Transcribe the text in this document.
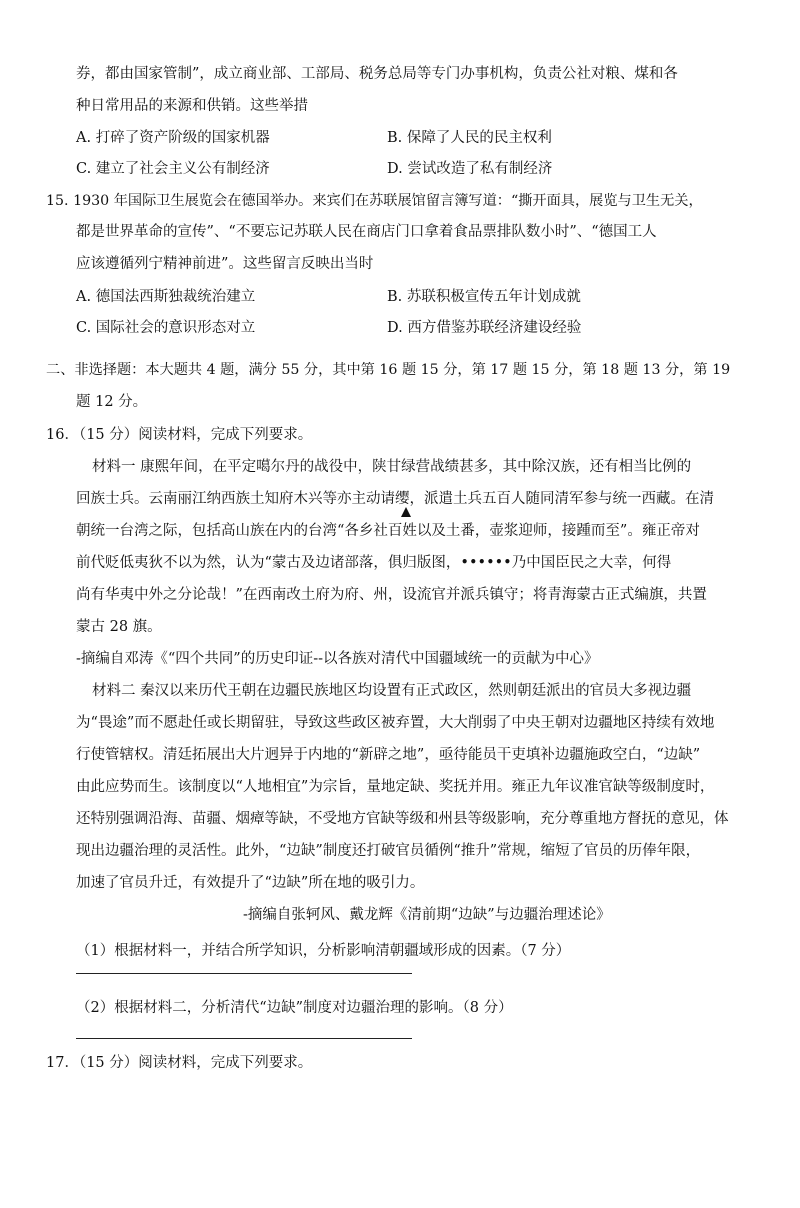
券，都由国家管制”，成立商业部、工部局、税务总局等专门办事机构，负责公社对粮、煤和各
种日常用品的来源和供销。这些举措
A. 打碎了资产阶级的国家机器	B. 保障了人民的民主权利
C. 建立了社会主义公有制经济	D. 尝试改造了私有制经济
15. 1930 年国际卫生展览会在德国举办。来宾们在苏联展馆留言簿写道：“撕开面具，展览与卫生无关，
都是世界革命的宣传”、“不要忘记苏联人民在商店门口拿着食品票排队数小时”、“德国工人
应该遵循列宁精神前进”。这些留言反映出当时
A. 德国法西斯独裁统治建立	B. 苏联积极宣传五年计划成就
C. 国际社会的意识形态对立	D. 西方借鉴苏联经济建设经验
二、非选择题：本大题共 4 题，满分 55 分，其中第 16 题 15 分，第 17 题 15 分，第 18 题 13 分，第 19
题 12 分。
16．（15 分）阅读材料，完成下列要求。
材料一 康熙年间，在平定噶尔丹的战役中，陕甘绿营战绩甚多，其中除汉族，还有相当比例的
回族士兵。云南丽江纳西族土知府木兴等亦主动请缨，派遣土兵五百人随同清军参与统一西藏。在清
朝统一台湾之际，包括高山族在内的台湾“各乡社百姓以及土番，壶浆迎师，接踵而至”。雍正帝对
前代贬低夷狄不以为然，认为“蒙古及边诸部落，俱归版图，••••••乃中国臣民之大幸，何得
尚有华夷中外之分论哉！”在西南改土府为府、州，设流官并派兵镇守；将青海蒙古正式编旗，共置
蒙古 28 旗。
-摘编自邓涛《“四个共同”的历史印证--以各族对清代中国疆域统一的贡献为中心》
材料二 秦汉以来历代王朝在边疆民族地区均设置有正式政区，然则朝廷派出的官员大多视边疆
为“畏途”而不愿赴任或长期留驻，导致这些政区被弃置，大大削弱了中央王朝对边疆地区持续有效地
行使管辖权。清廷拓展出大片迥异于内地的“新辟之地”，亟待能员干吏填补边疆施政空白，“边缺”
由此应势而生。该制度以“人地相宜”为宗旨，量地定缺、奖抚并用。雍正九年议准官缺等级制度时，
还特别强调沿海、苗疆、烟瘴等缺，不受地方官缺等级和州县等级影响，充分尊重地方督抚的意见，体
现出边疆治理的灵活性。此外，“边缺”制度还打破官员循例“推升”常规，缩短了官员的历俸年限，
加速了官员升迁，有效提升了“边缺”所在地的吸引力。
-摘编自张轲风、戴龙辉《清前期“边缺”与边疆治理述论》
（1）根据材料一，并结合所学知识，分析影响清朝疆域形成的因素。（7 分）
（2）根据材料二，分析清代“边缺”制度对边疆治理的影响。（8 分）
17．（15 分）阅读材料，完成下列要求。
